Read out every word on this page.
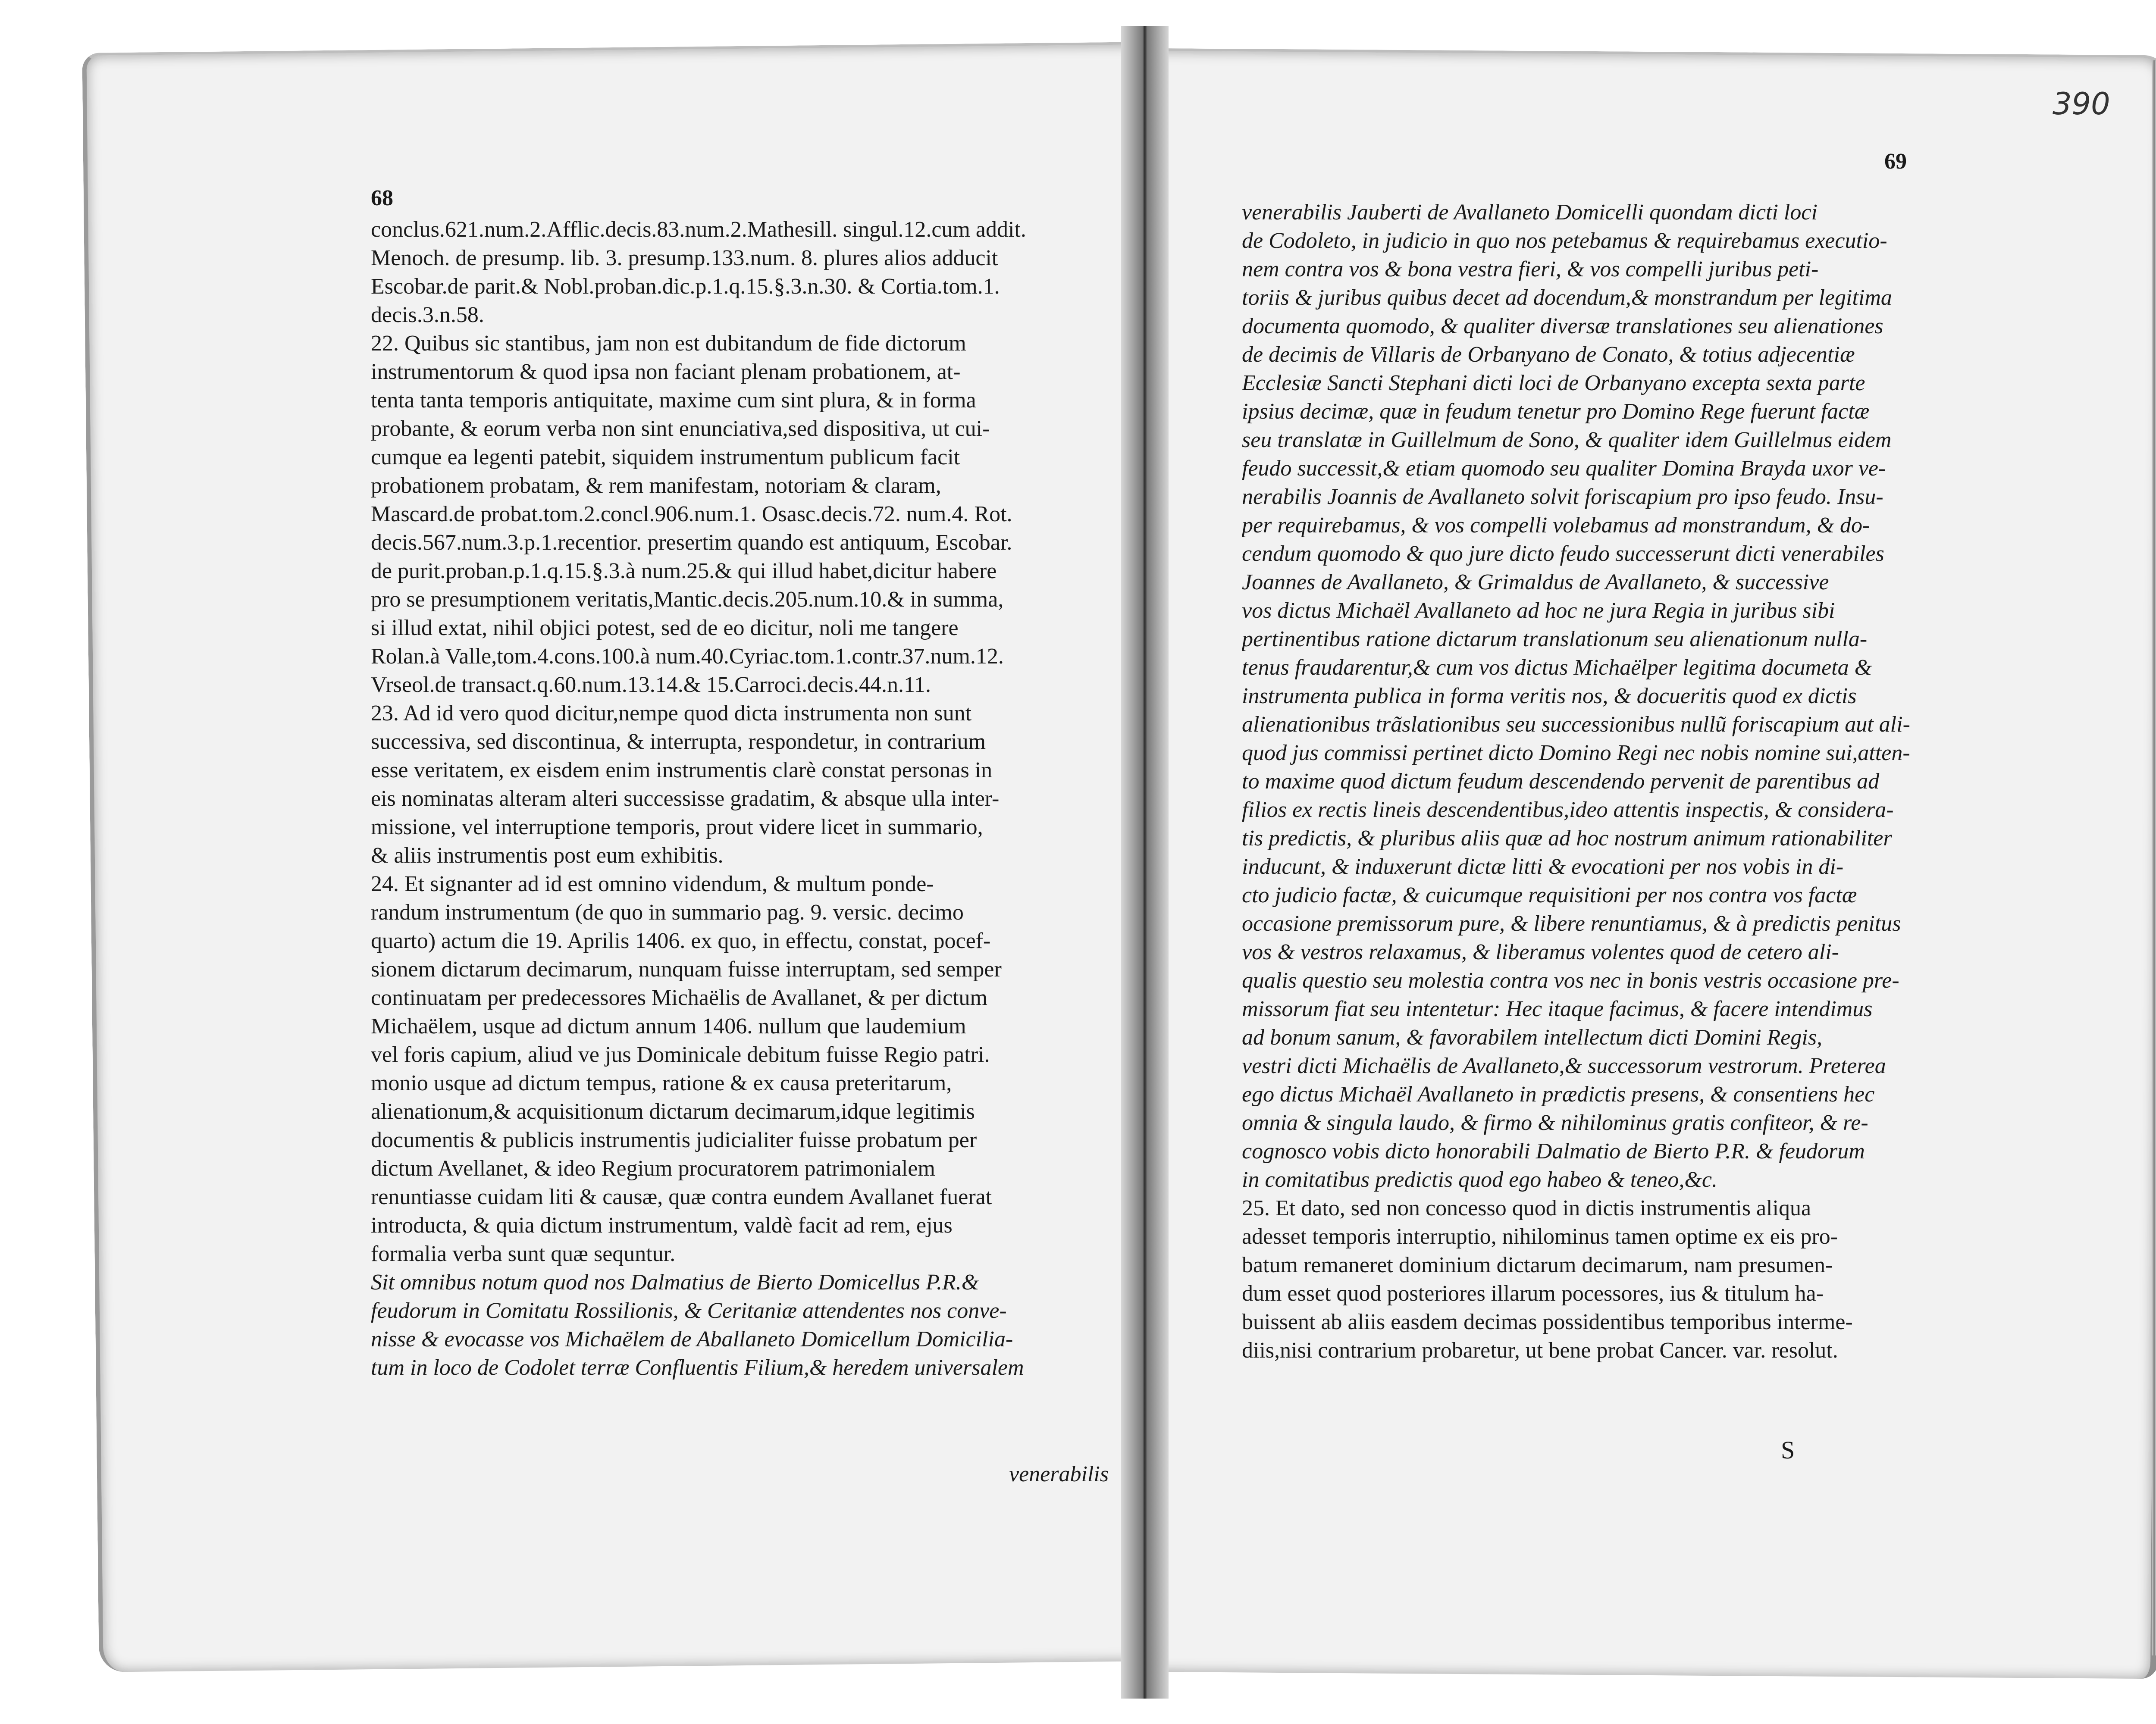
68
conclus.621.num.2.Afflic.decis.83.num.2.Mathesill. singul.12.cum addit.
Menoch. de presump. lib. 3. presump.133.num. 8. plures alios adducit
Escobar.de parit.& Nobl.proban.dic.p.1.q.15.§.3.n.30. & Cortia.tom.1.
decis.3.n.58.
22. Quibus sic stantibus, jam non est dubitandum de fide dictorum
instrumentorum & quod ipsa non faciant plenam probationem, at-
tenta tanta temporis antiquitate, maxime cum sint plura, & in forma
probante, & eorum verba non sint enunciativa,sed dispositiva, ut cui-
cumque ea legenti patebit, siquidem instrumentum publicum facit
probationem probatam, & rem manifestam, notoriam & claram,
Mascard.de probat.tom.2.concl.906.num.1. Osasc.decis.72. num.4. Rot.
decis.567.num.3.p.1.recentior. presertim quando est antiquum, Escobar.
de purit.proban.p.1.q.15.§.3.à num.25.& qui illud habet,dicitur habere
pro se presumptionem veritatis,Mantic.decis.205.num.10.& in summa,
si illud extat, nihil objici potest, sed de eo dicitur, noli me tangere
Rolan.à Valle,tom.4.cons.100.à num.40.Cyriac.tom.1.contr.37.num.12.
Vrseol.de transact.q.60.num.13.14.& 15.Carroci.decis.44.n.11.
23. Ad id vero quod dicitur,nempe quod dicta instrumenta non sunt
successiva, sed discontinua, & interrupta, respondetur, in contrarium
esse veritatem, ex eisdem enim instrumentis clarè constat personas in
eis nominatas alteram alteri successisse gradatim, & absque ulla inter-
missione, vel interruptione temporis, prout videre licet in summario,
& aliis instrumentis post eum exhibitis.
24. Et signanter ad id est omnino videndum, & multum ponde-
randum instrumentum (de quo in summario pag. 9. versic. decimo
quarto) actum die 19. Aprilis 1406. ex quo, in effectu, constat, pocef-
sionem dictarum decimarum, nunquam fuisse interruptam, sed semper
continuatam per predecessores Michaëlis de Avallanet, & per dictum
Michaëlem, usque ad dictum annum 1406. nullum que laudemium
vel foris capium, aliud ve jus Dominicale debitum fuisse Regio patri.
monio usque ad dictum tempus, ratione & ex causa preteritarum,
alienationum,& acquisitionum dictarum decimarum,idque legitimis
documentis & publicis instrumentis judicialiter fuisse probatum per
dictum Avellanet, & ideo Regium procuratorem patrimonialem
renuntiasse cuidam liti & causæ, quæ contra eundem Avallanet fuerat
introducta, & quia dictum instrumentum, valdè facit ad rem, ejus
formalia verba sunt quæ sequntur.
Sit omnibus notum quod nos Dalmatius de Bierto Domicellus P.R.&
feudorum in Comitatu Rossilionis, & Ceritaniæ attendentes nos conve-
nisse & evocasse vos Michaëlem de Aballaneto Domicellum Domicilia-
tum in loco de Codolet terræ Confluentis Filium,& heredem universalem
venerabilis
390
69
venerabilis Jauberti de Avallaneto Domicelli quondam dicti loci
de Codoleto, in judicio in quo nos petebamus & requirebamus executio-
nem contra vos & bona vestra fieri, & vos compelli juribus peti-
toriis & juribus quibus decet ad docendum,& monstrandum per legitima
documenta quomodo, & qualiter diversæ translationes seu alienationes
de decimis de Villaris de Orbanyano de Conato, & totius adjecentiæ
Ecclesiæ Sancti Stephani dicti loci de Orbanyano excepta sexta parte
ipsius decimæ, quæ in feudum tenetur pro Domino Rege fuerunt factæ
seu translatæ in Guillelmum de Sono, & qualiter idem Guillelmus eidem
feudo successit,& etiam quomodo seu qualiter Domina Brayda uxor ve-
nerabilis Joannis de Avallaneto solvit foriscapium pro ipso feudo. Insu-
per requirebamus, & vos compelli volebamus ad monstrandum, & do-
cendum quomodo & quo jure dicto feudo successerunt dicti venerabiles
Joannes de Avallaneto, & Grimaldus de Avallaneto, & successive
vos dictus Michaël Avallaneto ad hoc ne jura Regia in juribus sibi
pertinentibus ratione dictarum translationum seu alienationum nulla-
tenus fraudarentur,& cum vos dictus Michaëlper legitima documeta &
instrumenta publica in forma veritis nos, & docueritis quod ex dictis
alienationibus trãslationibus seu successionibus nullũ foriscapium aut ali-
quod jus commissi pertinet dicto Domino Regi nec nobis nomine sui,atten-
to maxime quod dictum feudum descendendo pervenit de parentibus ad
filios ex rectis lineis descendentibus,ideo attentis inspectis, & considera-
tis predictis, & pluribus aliis quæ ad hoc nostrum animum rationabiliter
inducunt, & induxerunt dictæ litti & evocationi per nos vobis in di-
cto judicio factæ, & cuicumque requisitioni per nos contra vos factæ
occasione premissorum pure, & libere renuntiamus, & à predictis penitus
vos & vestros relaxamus, & liberamus volentes quod de cetero ali-
qualis questio seu molestia contra vos nec in bonis vestris occasione pre-
missorum fiat seu intentetur: Hec itaque facimus, & facere intendimus
ad bonum sanum, & favorabilem intellectum dicti Domini Regis,
vestri dicti Michaëlis de Avallaneto,& successorum vestrorum. Preterea
ego dictus Michaël Avallaneto in prædictis presens, & consentiens hec
omnia & singula laudo, & firmo & nihilominus gratis confiteor, & re-
cognosco vobis dicto honorabili Dalmatio de Bierto P.R. & feudorum
in comitatibus predictis quod ego habeo & teneo,&c.
25. Et dato, sed non concesso quod in dictis instrumentis aliqua
adesset temporis interruptio, nihilominus tamen optime ex eis pro-
batum remaneret dominium dictarum decimarum, nam presumen-
dum esset quod posteriores illarum pocessores, ius & titulum ha-
buissent ab aliis easdem decimas possidentibus temporibus interme-
diis,nisi contrarium probaretur, ut bene probat Cancer. var. resolut.
S
